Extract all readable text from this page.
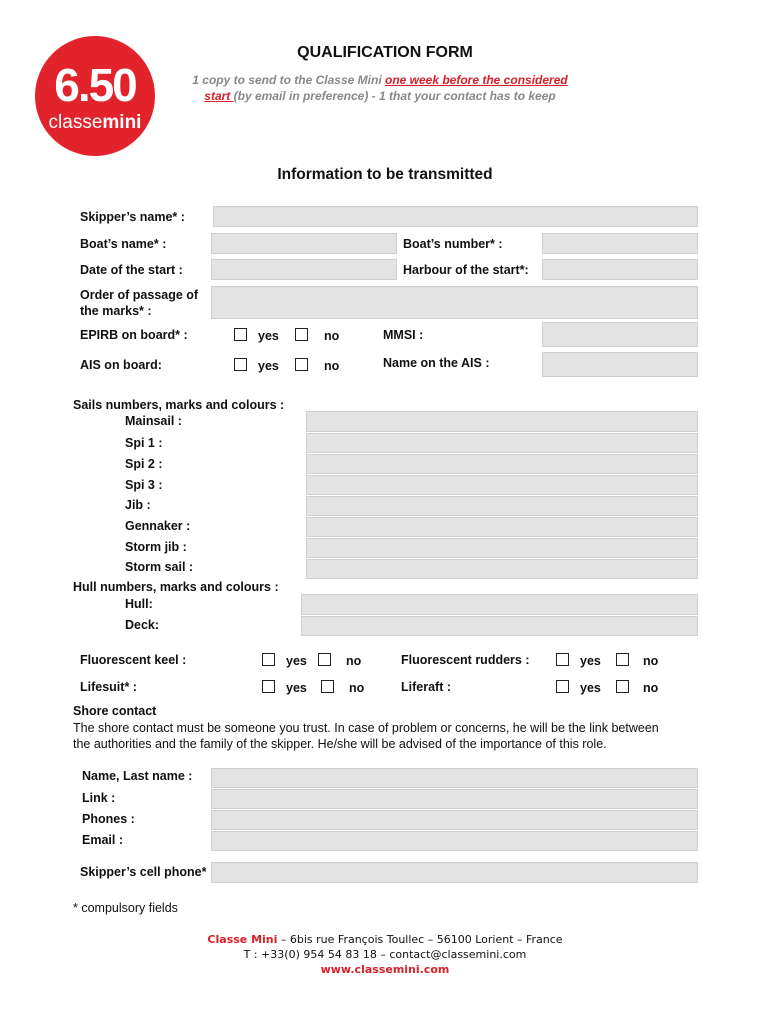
6.50
classemini
QUALIFICATION FORM
1 copy to send to the Classe Mini one week before the considered
start (by email in preference) - 1 that your contact has to keep
Information to be transmitted
Skipper’s name* :
Boat’s name* :	Boat’s number* :
Date of the start :	Harbour of the start*:
Order of passage of
the marks* :
EPIRB on board* :	yes	no	MMSI :
AIS on board:	yes	no	Name on the AIS :
Sails numbers, marks and colours :
Mainsail :
Spi 1 :
Spi 2 :
Spi 3 :
Jib :
Gennaker :
Storm jib :
Storm sail :
Hull numbers, marks and colours :
Hull:
Deck:
Fluorescent keel :	yes	no	Fluorescent rudders :	yes	no
Lifesuit* :	yes	no	Liferaft :	yes	no
Shore contact
The shore contact must be someone you trust. In case of problem or concerns, he will be the link between
the authorities and the family of the skipper. He/she will be advised of the importance of this role.
Name, Last name :
Link :
Phones :
Email :
Skipper’s cell phone*
* compulsory fields
Classe Mini – 6bis rue François Toullec – 56100 Lorient – France
T : +33(0) 954 54 83 18 – contact@classemini.com
www.classemini.com
